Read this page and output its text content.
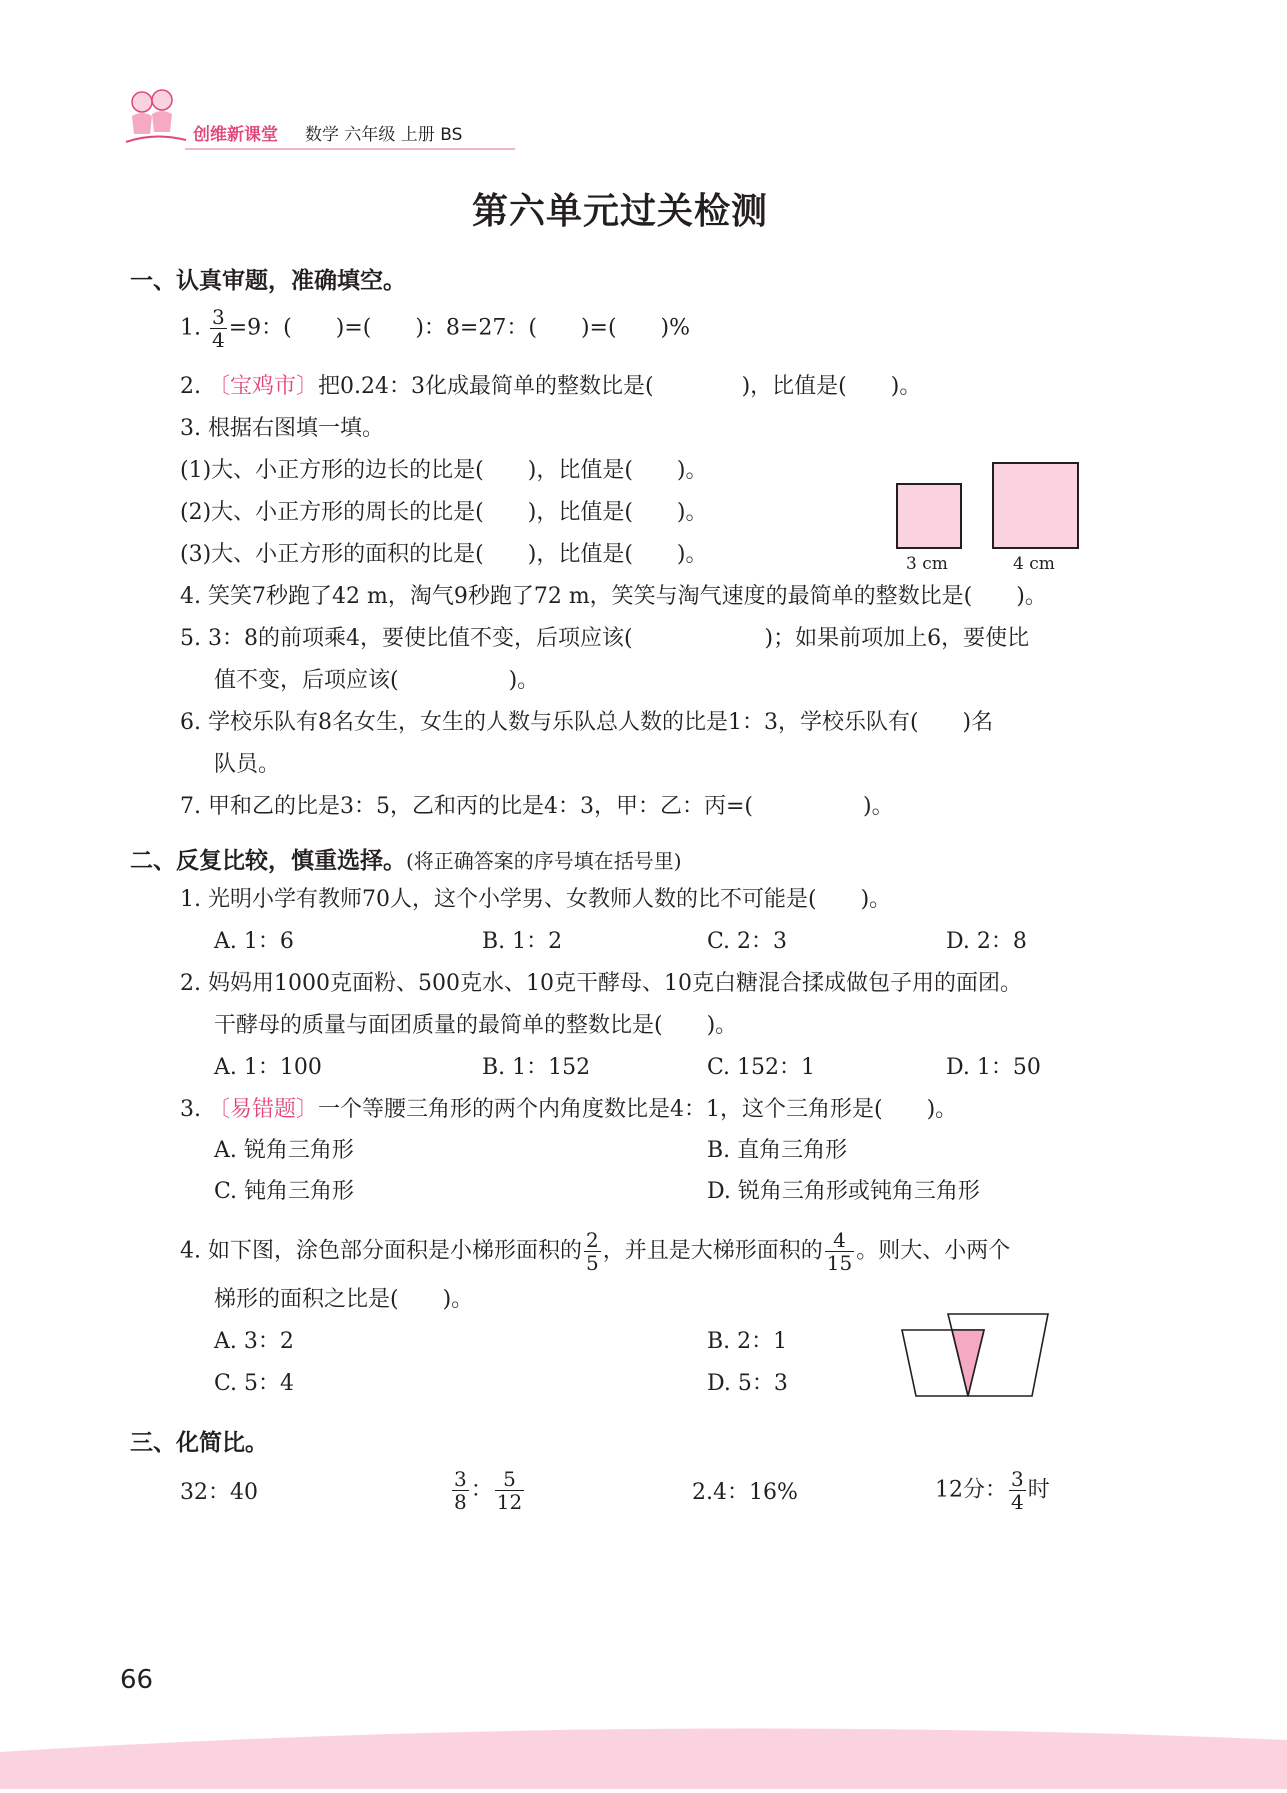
创维新课堂 数学 六年级 上册 BS
第六单元过关检测
一、认真审题，准确填空。
1. $\frac{3}{4} =9$：(　　)=(　　)：8=27：(　　)=(　　)%
2. 〔宝鸡市〕把0.24：3化成最简单的整数比是(　　　　)，比值是(　　)。
3. 根据右图填一填。
(1)大、小正方形的边长的比是(　　)，比值是(　　)。
(2)大、小正方形的周长的比是(　　)，比值是(　　)。
(3)大、小正方形的面积的比是(　　)，比值是(　　)。	3 cm	4 cm
4. 笑笑7秒跑了42 m，淘气9秒跑了72 m，笑笑与淘气速度的最简单的整数比是(　　)。
5. 3：8的前项乘4，要使比值不变，后项应该(　　　　　　)；如果前项加上6，要使比
值不变，后项应该(　　　　　)。
6. 学校乐队有8名女生，女生的人数与乐队总人数的比是1：3，学校乐队有(　　)名
队员。
7. 甲和乙的比是3：5，乙和丙的比是4：3，甲：乙：丙=(　　　　　)。
二、反复比较，慎重选择。(将正确答案的序号填在括号里)
1. 光明小学有教师70人，这个小学男、女教师人数的比不可能是(　　)。
A. 1：6	B. 1：2	C. 2：3	D. 2：8
2. 妈妈用1000克面粉、500克水、10克干酵母、10克白糖混合揉成做包子用的面团。
干酵母的质量与面团质量的最简单的整数比是(　　)。
A. 1：100	B. 1：152	C. 152：1	D. 1：50
3. 〔易错题〕一个等腰三角形的两个内角度数比是4：1，这个三角形是(　　)。
A. 锐角三角形	B. 直角三角形
C. 钝角三角形	D. 锐角三角形或钝角三角形
4. 如下图，涂色部分面积是小梯形面积的 $\frac{2}{5}$ ，并且是大梯形面积的 $\frac{4}{15}$ 。则大、小两个
梯形的面积之比是(　　)。
A. 3：2	B. 2：1
C. 5：4	D. 5：3
三、化简比。
32：40	$\frac{3}{8}$ ： $\frac{5}{12}$	2.4：16%	12分： $\frac{3}{4}$ 时
66
